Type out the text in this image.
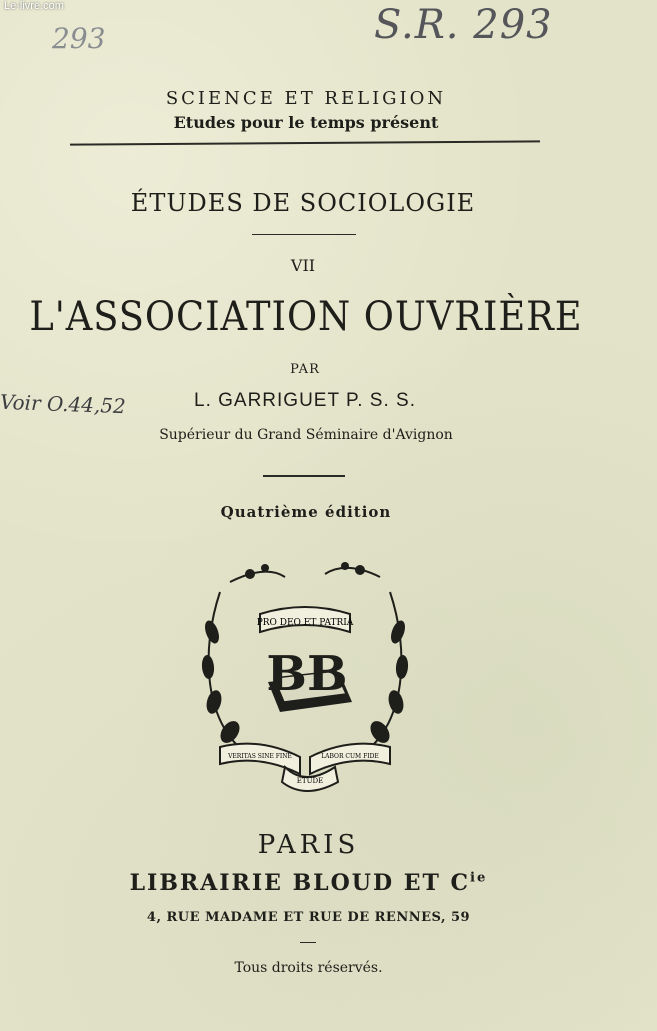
Le-livre.com
293	S.R. 293
Voir O.44,52
SCIENCE ET RELIGION
Etudes pour le temps présent
ÉTUDES DE SOCIOLOGIE
VII
L'ASSOCIATION OUVRIÈRE
PAR
L. GARRIGUET P. S. S.
Supérieur du Grand Séminaire d'Avignon
Quatrième édition
PRO DEO ET PATRIA
BB
VERITAS SINE FINE	LABOR CUM FIDE
ETUDE
PARIS
LIBRAIRIE BLOUD ET $C^{ie}$
4, RUE MADAME ET RUE DE RENNES, 59
Tous droits réservés.
